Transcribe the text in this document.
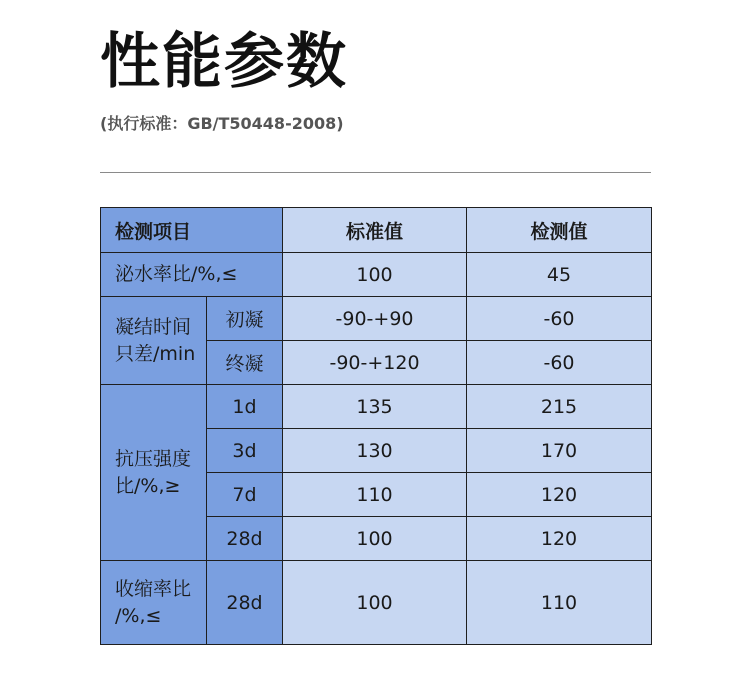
性能参数
(执行标准：GB/T50448-2008)
检测项目		标准值	检测值
泌水率比/%,≤		100	45

凝结时间
只差/min	初凝	-90-+90	-60
	终凝	-90-+120	-60

抗压强度
比/%,≥	1d	135	215
	3d	130	170
	7d	110	120
	28d	100	120

收缩率比
/%,≤	28d	100	110
